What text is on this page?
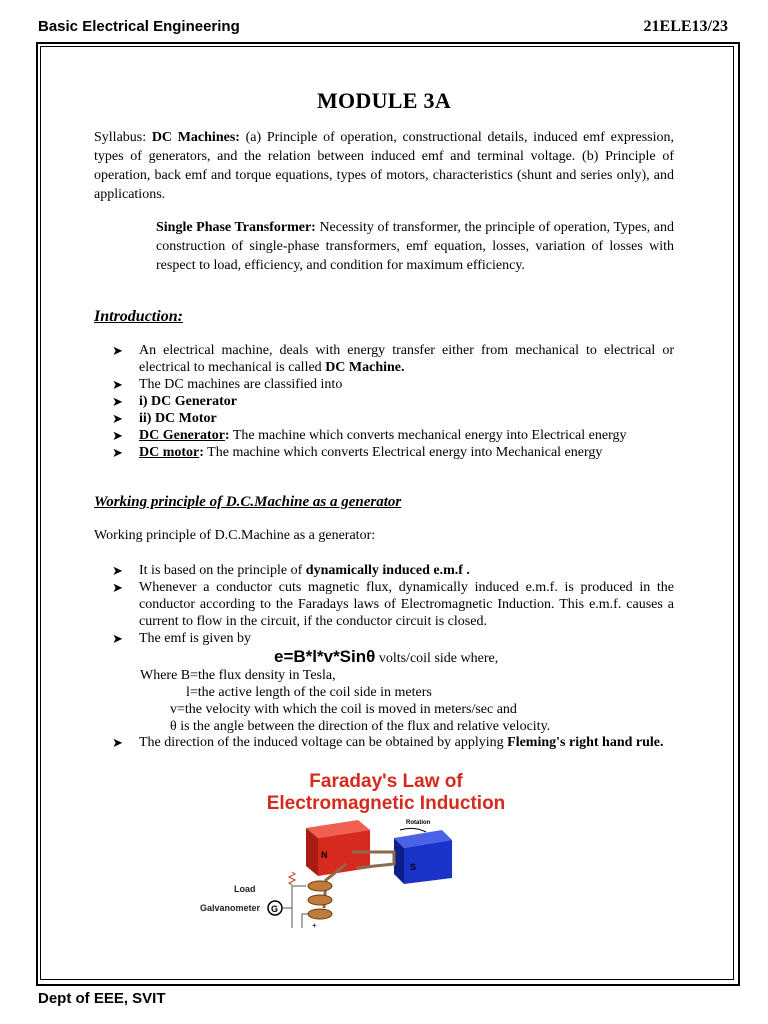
Basic Electrical Engineering	21ELE13/23
MODULE 3A
Syllabus: DC Machines: (a) Principle of operation, constructional details, induced emf expression, types of generators, and the relation between induced emf and terminal voltage. (b) Principle of operation, back emf and torque equations, types of motors, characteristics (shunt and series only), and applications.
Single Phase Transformer: Necessity of transformer, the principle of operation, Types, and construction of single-phase transformers, emf equation, losses, variation of losses with respect to load, efficiency, and condition for maximum efficiency.
Introduction:
➤ An electrical machine, deals with energy transfer either from mechanical to electrical or electrical to mechanical is called DC Machine.
➤ The DC machines are classified into
➤ i) DC Generator
➤ ii) DC Motor
➤ DC Generator: The machine which converts mechanical energy into Electrical energy
➤ DC motor: The machine which converts Electrical energy into Mechanical energy
Working principle of D.C.Machine as a generator
Working principle of D.C.Machine as a generator:
➤ It is based on the principle of dynamically induced e.m.f .
➤ Whenever a conductor cuts magnetic flux, dynamically induced e.m.f. is produced in the conductor according to the Faradays laws of Electromagnetic Induction. This e.m.f. causes a current to flow in the circuit, if the conductor circuit is closed.
➤ The emf is given by
e=B*l*v*Sinθ volts/coil side where,
Where B=the flux density in Tesla,
l=the active length of the coil side in meters
v=the velocity with which the coil is moved in meters/sec and
θ is the angle between the direction of the flux and relative velocity.
➤ The direction of the induced voltage can be obtained by applying Fleming's right hand rule.
Faraday's Law of
Electromagnetic Induction
N
S
Rotation
Load
Galvanometer G
+
Dept of EEE, SVIT
